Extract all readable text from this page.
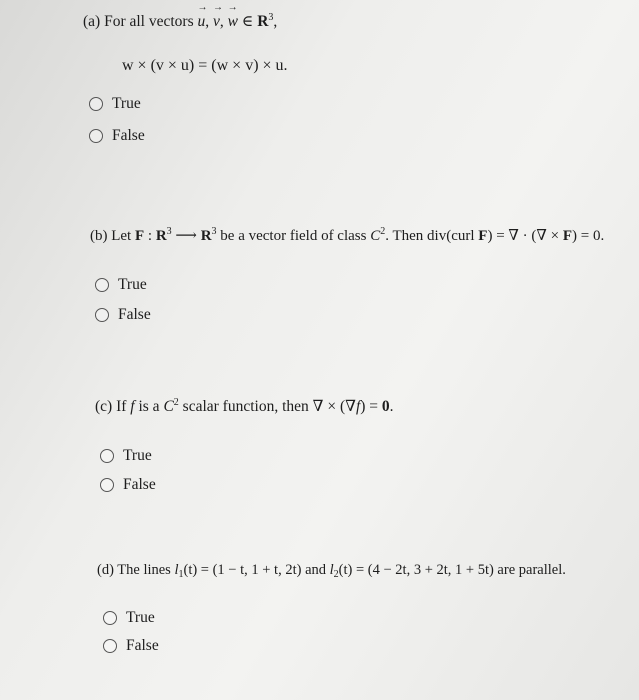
(a) For all vectors → u, → v, → w ∈ $R^3$,
w × (v × u) = (w × v) × u.
True
False
(b) Let F : $R^3$ ⟶ $R^3$ be a vector field of class $C^2$. Then div(curl F) = ∇ · (∇ × F) = 0.
True
False
(c) If f is a $C^2$ scalar function, then ∇ × (∇f) = 0.
True
False
(d) The lines $l_1(t) = (1 - t$, 1 + t, 2t) and $l_2(t) = (4 - 2t$, 3 + 2t, 1 + 5t) are parallel.
True
False
